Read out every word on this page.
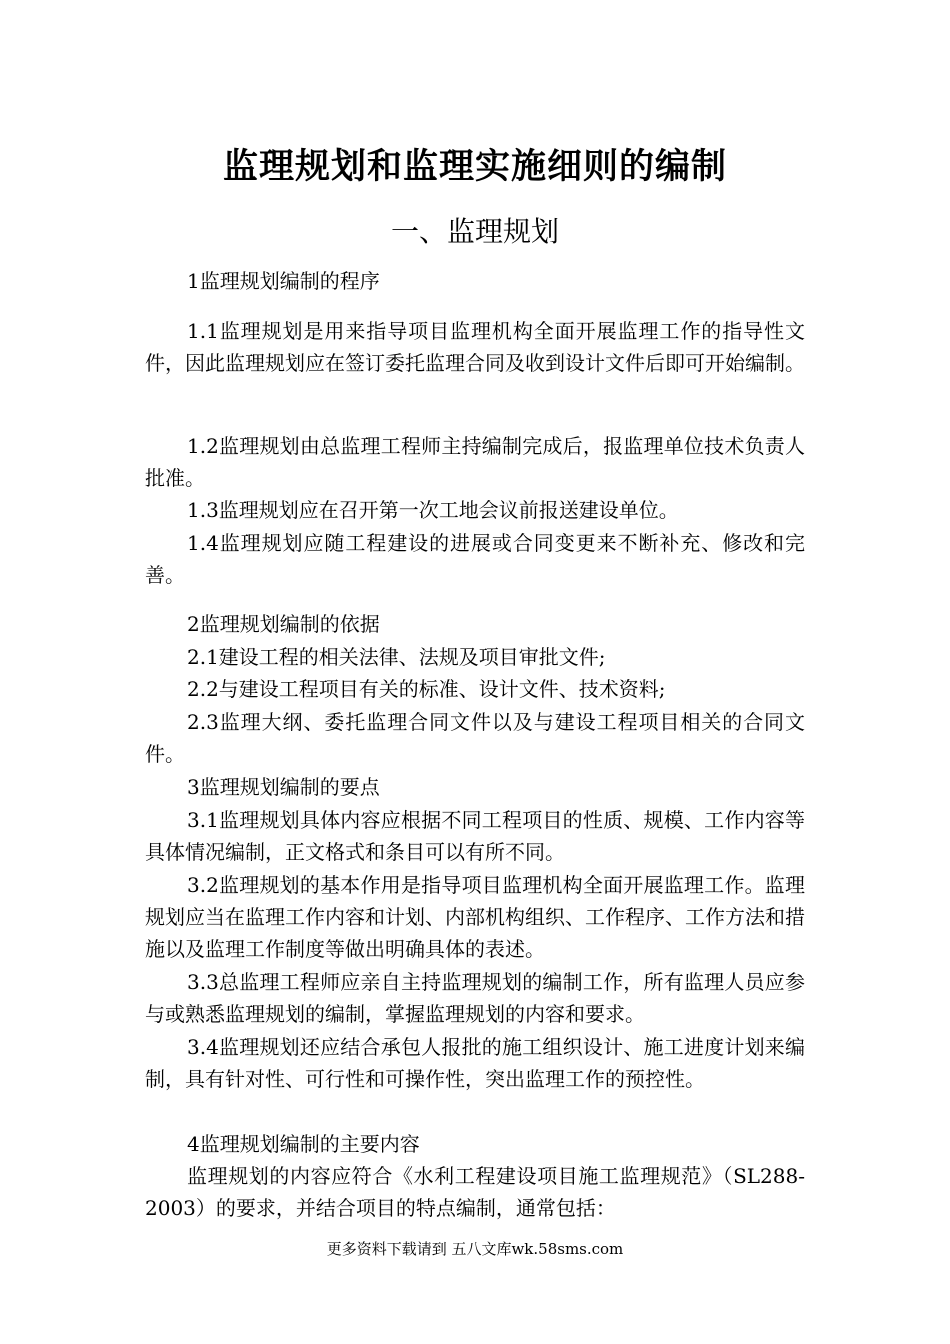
监理规划和监理实施细则的编制
一、监理规划

1监理规划编制的程序

1.1监理规划是用来指导项目监理机构全面开展监理工作的指导性文件，因此监理规划应在签订委托监理合同及收到设计文件后即可开始编制。

1.2监理规划由总监理工程师主持编制完成后，报监理单位技术负责人批准。

1.3监理规划应在召开第一次工地会议前报送建设单位。

1.4监理规划应随工程建设的进展或合同变更来不断补充、修改和完善。

2监理规划编制的依据

2.1建设工程的相关法律、法规及项目审批文件;

2.2与建设工程项目有关的标准、设计文件、技术资料;

2.3监理大纲、委托监理合同文件以及与建设工程项目相关的合同文件。

3监理规划编制的要点

3.1监理规划具体内容应根据不同工程项目的性质、规模、工作内容等具体情况编制，正文格式和条目可以有所不同。

3.2监理规划的基本作用是指导项目监理机构全面开展监理工作。监理规划应当在监理工作内容和计划、内部机构组织、工作程序、工作方法和措施以及监理工作制度等做出明确具体的表述。

3.3总监理工程师应亲自主持监理规划的编制工作，所有监理人员应参与或熟悉监理规划的编制，掌握监理规划的内容和要求。

3.4监理规划还应结合承包人报批的施工组织设计、施工进度计划来编制，具有针对性、可行性和可操作性，突出监理工作的预控性。

4监理规划编制的主要内容

监理规划的内容应符合《水利工程建设项目施工监理规范》（SL288-2003）的要求，并结合项目的特点编制，通常包括：

更多资料下载请到 五八文库wk.58sms.com
